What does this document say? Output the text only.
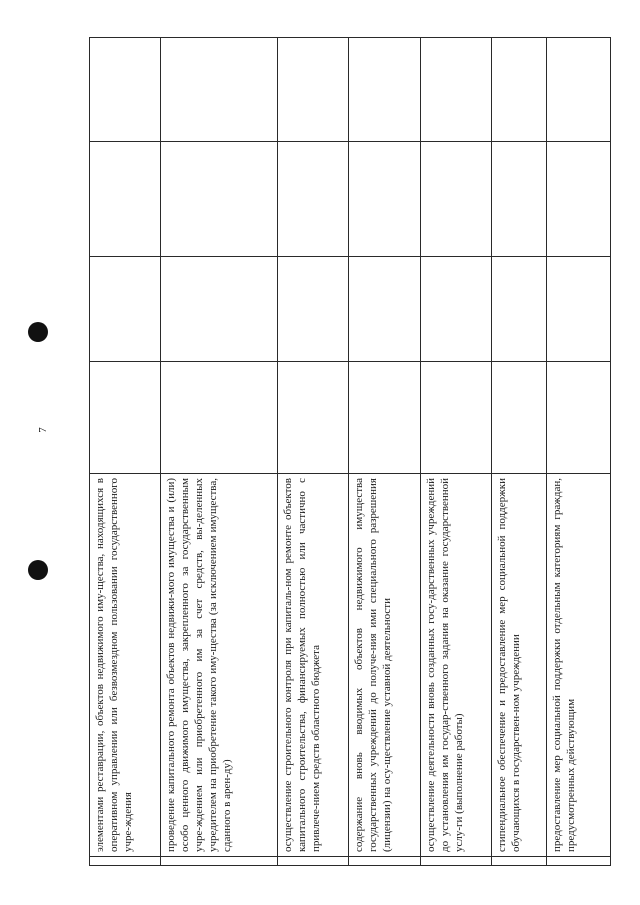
7

	элементами реставрации, объектов недвижимого иму-щества, находящихся в оперативном управлении или безвозмездном пользовании государственного учре-ждения				

	проведение капитального ремонта объектов недвижи-мого имущества и (или) особо ценного движимого имущества, закрепленного за государственным учре-ждением или приобретенного им за счет средств, вы-деленных учредителем на приобретение такого иму-щества (за исключением имущества, сданного в арен-ду)				

	осуществление строительного контроля при капиталь-ном ремонте объектов капитального строительства, финансируемых полностью или частично с привлече-нием средств областного бюджета				

	содержание вновь вводимых объектов недвижимого имущества государственных учреждений до получе-ния ими специального разрешения (лицензии) на осу-ществление уставной деятельности				

	осуществление деятельности вновь созданных госу-дарственных учреждений до установления им государ-ственного задания на оказание государственной услу-ги (выполнение работы)				

	стипендиальное обеспечение и предоставление мер социальной поддержки обучающихся в государствен-ном учреждении				

	предоставление мер социальной поддержки отдельным категориям граждан, предусмотренных действующим				
